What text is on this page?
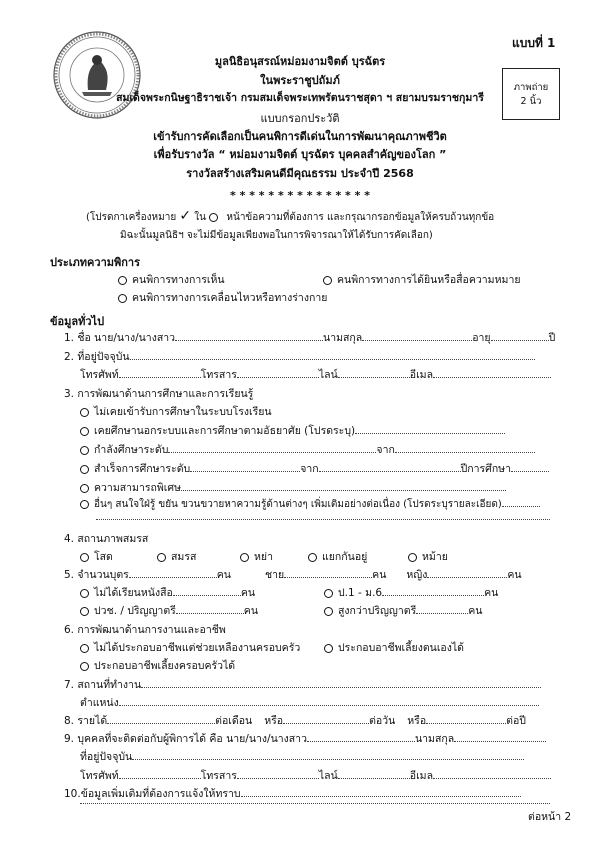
แบบที่ 1
ภาพถ่าย
2 นิ้ว
มูลนิธิอนุสรณ์หม่อมงามจิตต์ บุรฉัตร
ในพระราชูปถัมภ์
สมเด็จพระกนิษฐาธิราชเจ้า กรมสมเด็จพระเทพรัตนราชสุดา ฯ สยามบรมราชกุมารี
แบบกรอกประวัติ
เข้ารับการคัดเลือกเป็นคนพิการดีเด่นในการพัฒนาคุณภาพชีวิต
เพื่อรับรางวัล “ หม่อมงามจิตต์ บุรฉัตร บุคคลสำคัญของโลก ”
รางวัลสร้างเสริมคนดีมีคุณธรรม ประจำปี 2568
* * * * * * * * * * * * * * *
(โปรดกาเครื่องหมาย ✓ ใน หน้าข้อความที่ต้องการ และกรุณากรอกข้อมูลให้ครบถ้วนทุกข้อ
มิฉะนั้นมูลนิธิฯ จะไม่มีข้อมูลเพียงพอในการพิจารณาให้ได้รับการคัดเลือก)
ประเภทความพิการ
คนพิการทางการเห็น	คนพิการทางการได้ยินหรือสื่อความหมาย
คนพิการทางการเคลื่อนไหวหรือทางร่างกาย
ข้อมูลทั่วไป
1. ชื่อ นาย/นาง/นางสาว	นามสกุล	อายุ	ปี
2. ที่อยู่ปัจจุบัน
โทรศัพท์	โทรสาร	ไลน์	อีเมล
3. การพัฒนาด้านการศึกษาและการเรียนรู้
ไม่เคยเข้ารับการศึกษาในระบบโรงเรียน
เคยศึกษานอกระบบและการศึกษาตามอัธยาศัย (โปรดระบุ)
กำลังศึกษาระดับ	จาก
สำเร็จการศึกษาระดับ	จาก	ปีการศึกษา
ความสามารถพิเศษ
อื่นๆ สนใจใฝ่รู้ ขยัน ขวนขวายหาความรู้ด้านต่างๆ เพิ่มเติมอย่างต่อเนื่อง (โปรดระบุรายละเอียด)
4. สถานภาพสมรส
โสด	สมรส	หย่า	แยกกันอยู่	หม้าย
5. จำนวนบุตร	คน	ชาย	คน หญิง	คน
ไม่ได้เรียนหนังสือ	คน	ป.1 - ม.6	คน
ปวช. / ปริญญาตรี	คน	สูงกว่าปริญญาตรี	คน
6. การพัฒนาด้านการงานและอาชีพ
ไม่ได้ประกอบอาชีพแต่ช่วยเหลืองานครอบครัว	ประกอบอาชีพเลี้ยงตนเองได้
ประกอบอาชีพเลี้ยงครอบครัวได้
7. สถานที่ทำงาน
ตำแหน่ง
8. รายได้	ต่อเดือน หรือ	ต่อวัน หรือ	ต่อปี
9. บุคคลที่จะติดต่อกับผู้พิการได้ คือ นาย/นาง/นางสาว	นามสกุล
ที่อยู่ปัจจุบัน
โทรศัพท์	โทรสาร	ไลน์	อีเมล
10.ข้อมูลเพิ่มเติมที่ต้องการแจ้งให้ทราบ
ต่อหน้า 2
